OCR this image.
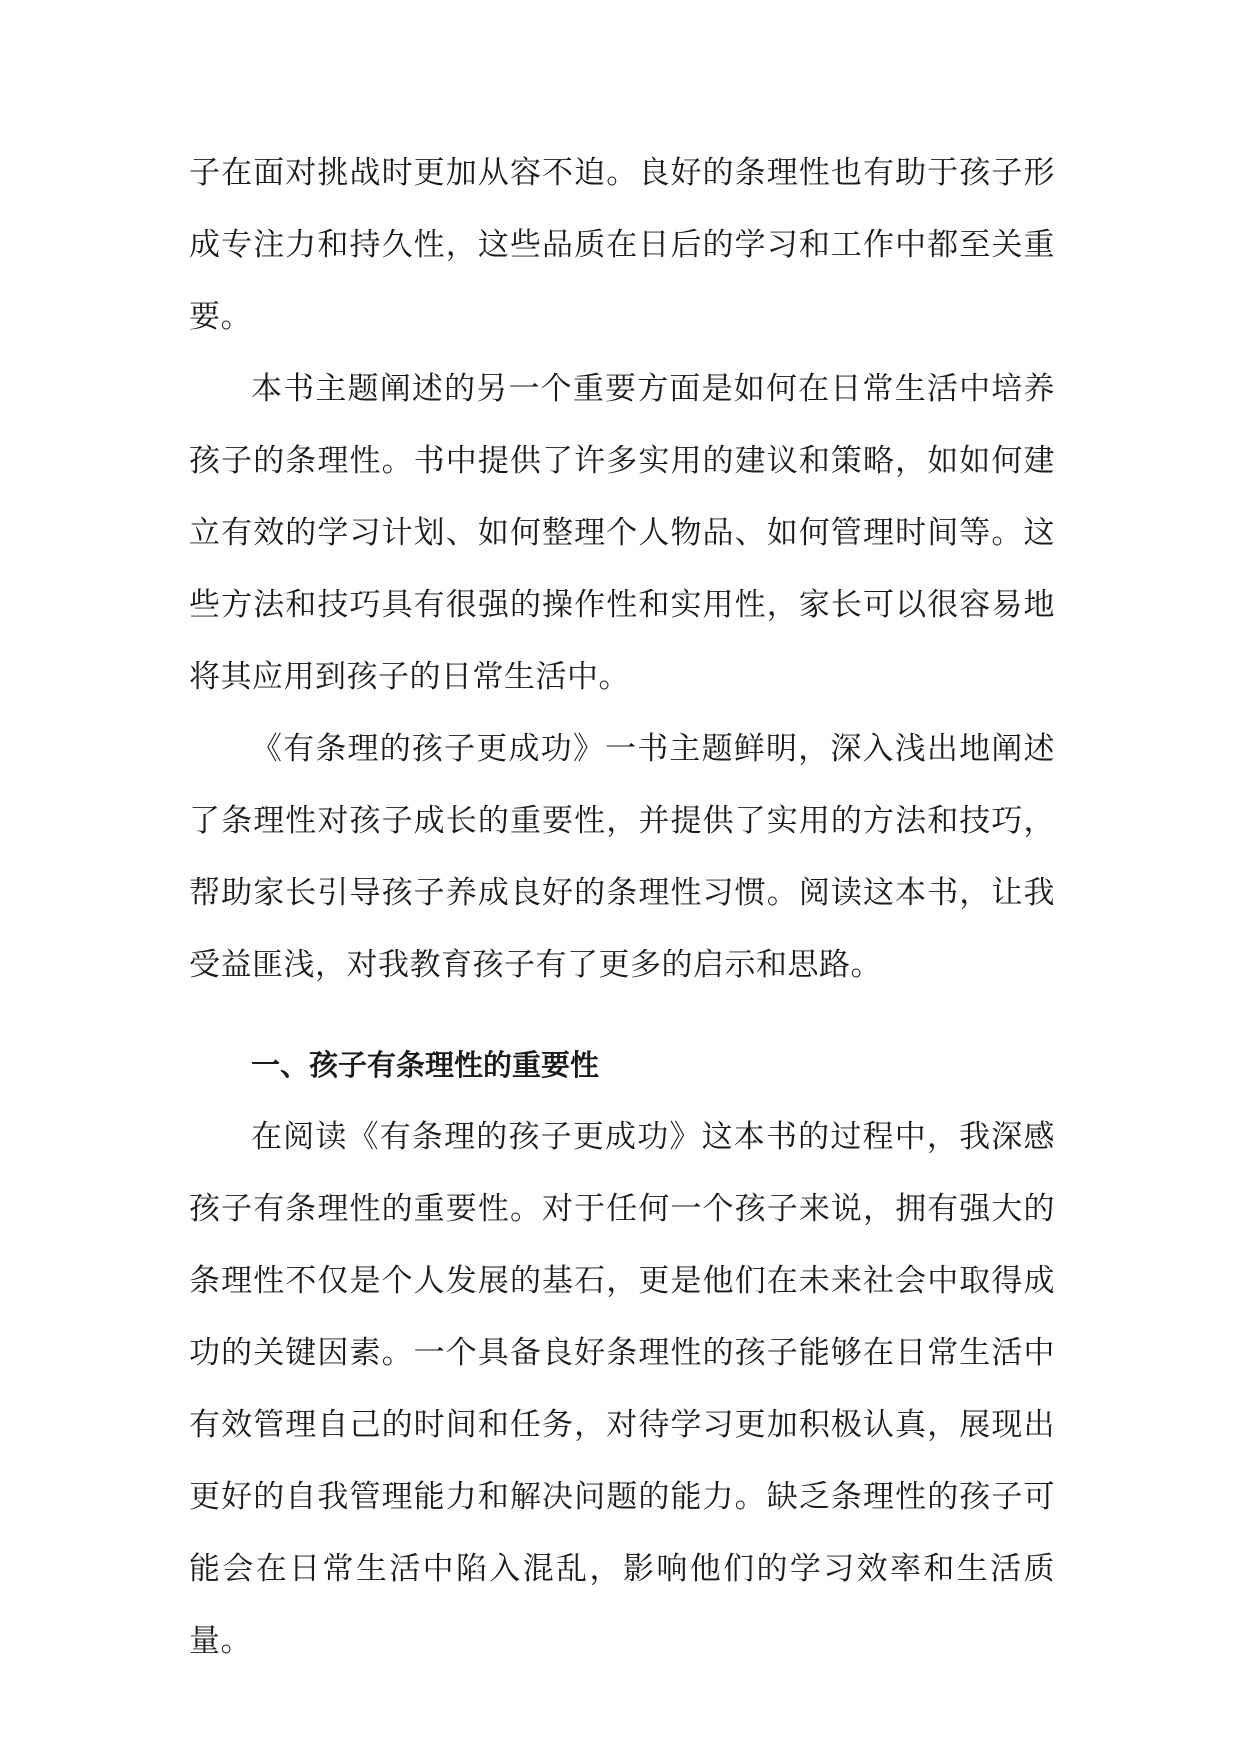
子在面对挑战时更加从容不迫。良好的条理性也有助于孩子形成专注力和持久性，这些品质在日后的学习和工作中都至关重要。

本书主题阐述的另一个重要方面是如何在日常生活中培养孩子的条理性。书中提供了许多实用的建议和策略，如如何建立有效的学习计划、如何整理个人物品、如何管理时间等。这些方法和技巧具有很强的操作性和实用性，家长可以很容易地将其应用到孩子的日常生活中。

《有条理的孩子更成功》一书主题鲜明，深入浅出地阐述了条理性对孩子成长的重要性，并提供了实用的方法和技巧，帮助家长引导孩子养成良好的条理性习惯。阅读这本书，让我受益匪浅，对我教育孩子有了更多的启示和思路。

一、孩子有条理性的重要性

在阅读《有条理的孩子更成功》这本书的过程中，我深感孩子有条理性的重要性。对于任何一个孩子来说，拥有强大的条理性不仅是个人发展的基石，更是他们在未来社会中取得成功的关键因素。一个具备良好条理性的孩子能够在日常生活中有效管理自己的时间和任务，对待学习更加积极认真，展现出更好的自我管理能力和解决问题的能力。缺乏条理性的孩子可能会在日常生活中陷入混乱，影响他们的学习效率和生活质量。
